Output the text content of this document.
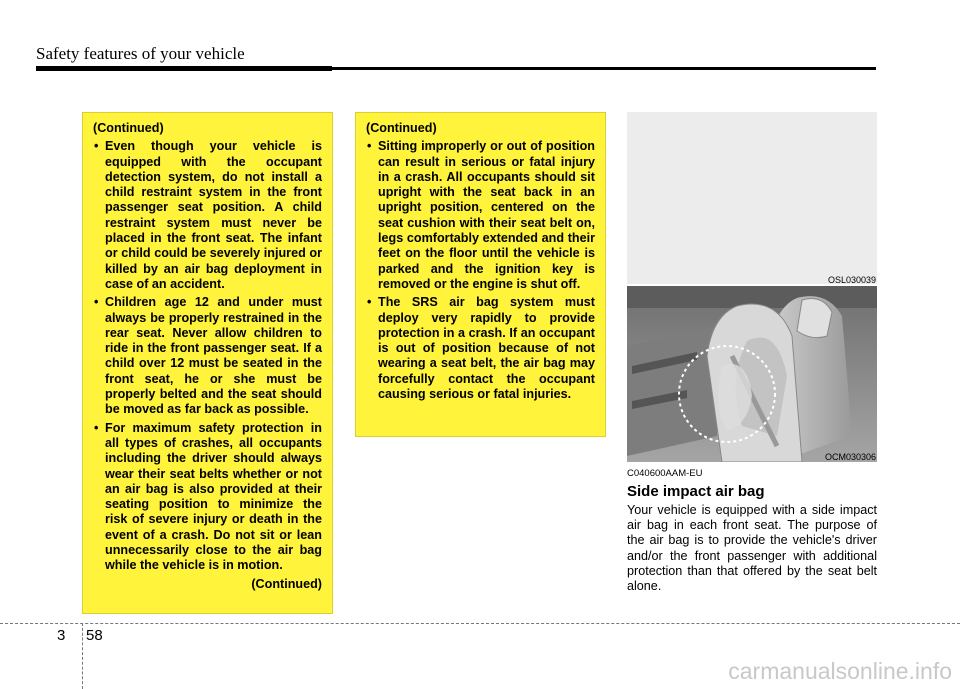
Safety features of your vehicle
(Continued)
• Even though your vehicle is equipped with the occupant detection system, do not install a child restraint system in the front passenger seat position. A child restraint system must never be placed in the front seat. The infant or child could be severely injured or killed by an air bag deployment in case of an accident.
• Children age 12 and under must always be properly restrained in the rear seat. Never allow children to ride in the front passenger seat. If a child over 12 must be seated in the front seat, he or she must be properly belted and the seat should be moved as far back as possible.
• For maximum safety protection in all types of crashes, all occupants including the driver should always wear their seat belts whether or not an air bag is also provided at their seating position to minimize the risk of severe injury or death in the event of a crash. Do not sit or lean unnecessarily close to the air bag while the vehicle is in motion.
(Continued)
(Continued)
• Sitting improperly or out of position can result in serious or fatal injury in a crash. All occupants should sit upright with the seat back in an upright position, centered on the seat cushion with their seat belt on, legs comfortably extended and their feet on the floor until the vehicle is parked and the ignition key is removed or the engine is shut off.
• The SRS air bag system must deploy very rapidly to provide protection in a crash. If an occupant is out of position because of not wearing a seat belt, the air bag may forcefully contact the occupant causing serious or fatal injuries.
OSL030039
OCM030306
C040600AAM-EU
Side impact air bag
Your vehicle is equipped with a side impact air bag in each front seat. The purpose of the air bag is to provide the vehicle's driver and/or the front passenger with additional protection than that offered by the seat belt alone.
3 58
carmanualsonline.info
